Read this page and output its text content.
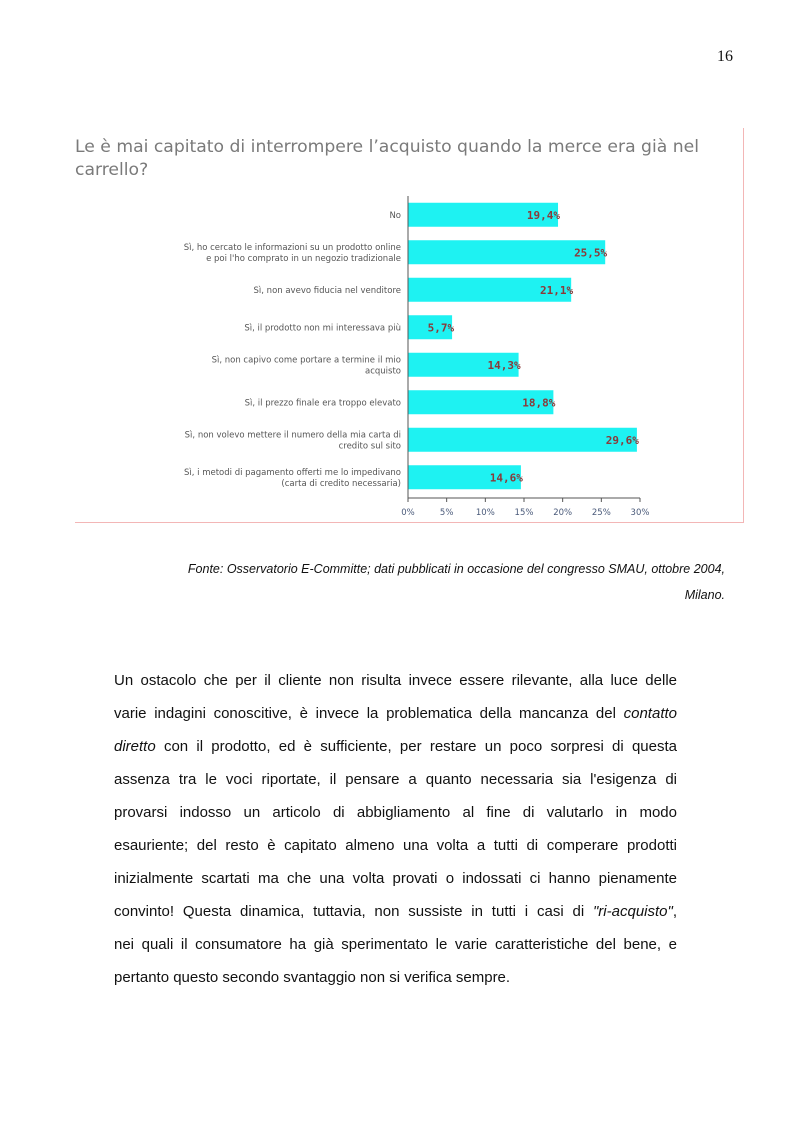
16
Le è mai capitato di interrompere l’acquisto quando la merce era già nel
carrello?
19,4%
No
25,5%
Sì, ho cercato le informazioni su un prodotto online
e poi l'ho comprato in un negozio tradizionale
21,1%
Sì, non avevo fiducia nel venditore
5,7%
Sì, il prodotto non mi interessava più
14,3%
Sì, non capivo come portare a termine il mio
acquisto
18,8%
Sì, il prezzo finale era troppo elevato
29,6%
Sì, non volevo mettere il numero della mia carta di
credito sul sito
14,6%
Sì, i metodi di pagamento offerti me lo impedivano
(carta di credito necessaria)
0%	5%	10% 15% 20% 25% 30%
Fonte: Osservatorio E-Committe; dati pubblicati in occasione del congresso SMAU, ottobre 2004,
Milano.
Un ostacolo che per il cliente non risulta invece essere rilevante, alla luce delle
varie indagini conoscitive, è invece la problematica della mancanza del contatto
diretto con il prodotto, ed è sufficiente, per restare un poco sorpresi di questa
assenza tra le voci riportate, il pensare a quanto necessaria sia l'esigenza di
provarsi indosso un articolo di abbigliamento al fine di valutarlo in modo
esauriente; del resto è capitato almeno una volta a tutti di comperare prodotti
inizialmente scartati ma che una volta provati o indossati ci hanno pienamente
convinto! Questa dinamica, tuttavia, non sussiste in tutti i casi di "ri-acquisto",
nei quali il consumatore ha già sperimentato le varie caratteristiche del bene, e
pertanto questo secondo svantaggio non si verifica sempre.
